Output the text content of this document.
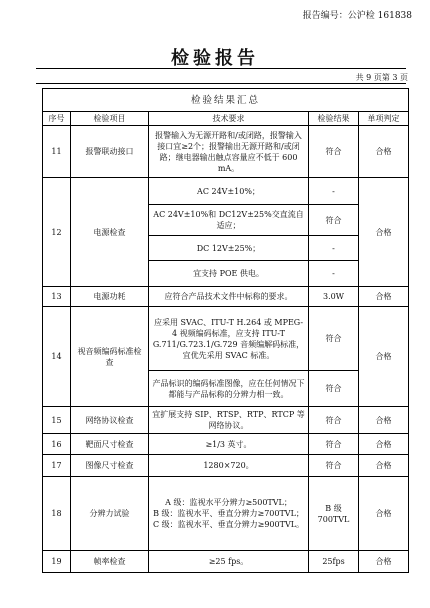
报告编号：公沪检 161838
检验报告
共 9 页第 3 页
检验结果汇总				
序号	检验项目	技术要求	检验结果	单项判定
11	报警联动接口	报警输入为无源开路和/或闭路，报警输入接口宜≥2个；报警输出无源开路和/或闭路；继电器输出触点容量应不低于 600 mA。	符合	合格
12	电源检查	AC 24V±10%；	-	合格
		AC 24V±10%和 DC12V±25%交直流自适应；	符合	
		DC 12V±25%；	-	
		宜支持 POE 供电。	-	
13	电源功耗	应符合产品技术文件中标称的要求。	3.0W	合格
14	视音频编码标准检查	应采用 SVAC、ITU-T H.264 或 MPEG-4 视频编码标准，应支持 ITU-T G.711/G.723.1/G.729 音频编解码标准，宜优先采用 SVAC 标准。	符合	合格
		产品标识的编码标准图像，应在任何情况下都能与产品标称的分辨力相一致。	符合	
15	网络协议检查	宜扩展支持 SIP、RTSP、RTP、RTCP 等网络协议。	符合	合格
16	靶面尺寸检查	≥1/3 英寸。	符合	合格
17	图像尺寸检查	1280×720。	符合	合格
18	分辨力试验	A 级：监视水平分辨力≥500TVL；
B 级：监视水平、垂直分辨力≥700TVL；
C 级：监视水平、垂直分辨力≥900TVL。	B 级
700TVL	合格
19	帧率检查	≥25 fps。	25fps	合格
